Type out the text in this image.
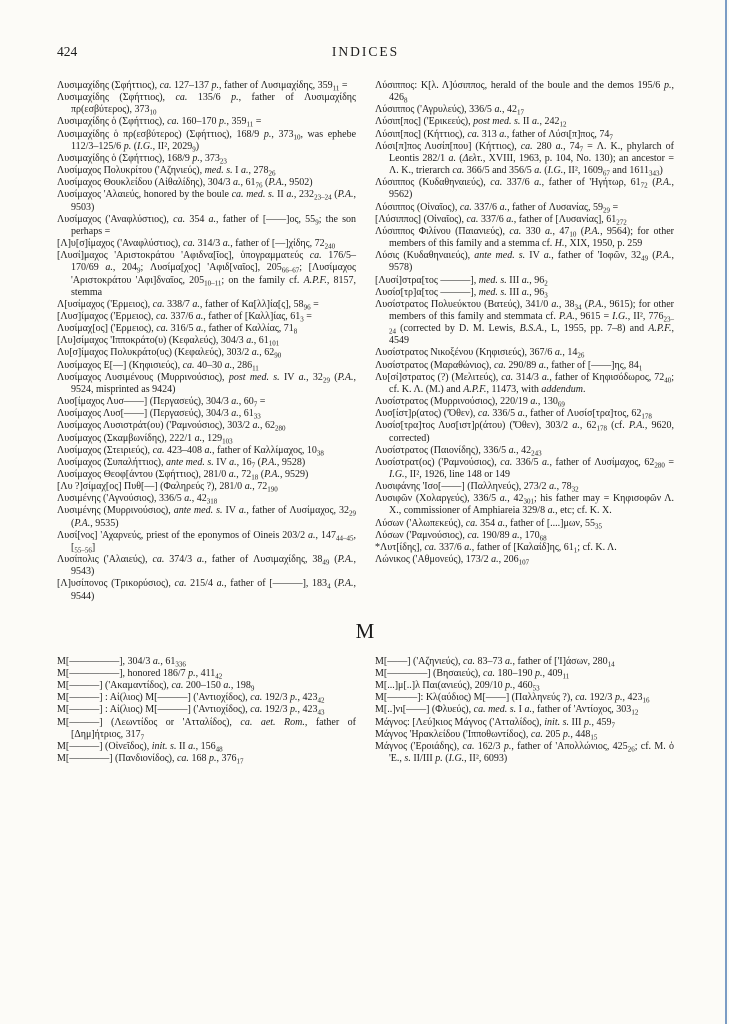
424	INDICES

Λυσιμαχίδης (Σφήττιος), ca. 127–137 p., father of Λυσιμαχίδης, $359_{11}$ =

Λυσιμαχίδης (Σφήττιος), ca. 135/6 p., father of Λυσιμαχίδης πρ(εσβύτερος), $373_{10}$

Λυσιμαχίδης ὁ (Σφήττιος), ca. 160–170 p., $359_{11}$ =

Λυσιμαχίδης ὁ πρ(εσβύτερος) (Σφήττιος), 168/9 p., $373_{10}$, was ephebe 112/3–125/6 p. (I.G., II², $2029_9$)

Λυσιμαχίδης ὁ (Σφήττιος), 168/9 p., $373_{23}$

Λυσίμαχος Πολυκρίτου ('Αζηνιεύς), med. s. I a., $278_{26}$

Λυσίμαχος Θουκλείδου (Αἰθαλίδης), 304/3 a., $61_{76}$ (P.A., 9502)

Λυσίμαχος 'Αλαιεύς, honored by the boule ca. med. s. II a., $232_{23-24}$ (P.A., 9503)

Λυσίμαχος ('Αναφλύστιος), ca. 354 a., father of [——]ος, $55_9$; the son perhaps =

[Λ]υ[σ]ίμαχος ('Αναφλύστιος), ca. 314/3 a., father of [—]χίδης, $72_{240}$

[Λυσί]μαχος 'Αριστοκράτου 'Αφιδνα[ῖος], ὑπογραμματεύς ca. 176/5–170/69 a., $204_9$; Λυσίμα[χος] 'Αφιδ[ναῖος], $205_{66-67}$; [Λυσίμαχος 'Αριστοκράτου 'Αφι]δναῖος, $205_{10-11}$; on the family cf. A.P.F., 8157, stemma

Λ[υσίμαχος ('Ερμειος), ca. 338/7 a., father of Κα[λλ]ία[ς], $58_{96}$ =

[Λυσ]ίμαχος ('Ερμειος), ca. 337/6 a., father of [Καλλ]ίας, $61_3$ =

Λυσίμαχ[ος] ('Ερμειος), ca. 316/5 a., father of Καλλίας, $71_8$

[Λυ]σίμαχος 'Ιπποκράτο(υ) (Κεφαλεύς), 304/3 a., $61_{101}$

Λυ[σ]ίμαχος Πολυκράτο(υς) (Κεφαλεύς), 303/2 a., $62_{90}$

Λυσίμαχος Ε[—] (Κηφισιεύς), ca. 40–30 a., $286_{11}$

Λυσίμαχος Λυσιμένους (Μυρρινούσιος), post med. s. IV a., $32_{29}$ (P.A., 9524, misprinted as 9424)

Λυσ[ίμαχος Λυσ——] (Περγασεύς), 304/3 a., $60_7$ =

Λυσίμαχος Λυσ[——] (Περγασεύς), 304/3 a., $61_{33}$

Λυσίμαχος Λυσιστράτ(ου) ('Ραμνούσιος), 303/2 a., $62_{280}$

Λυσίμαχος (Σκαμβωνίδης), 222/1 a., $129_{103}$

Λυσίμαχος (Στειριεύς), ca. 423–408 a., father of Καλλίμαχος, $10_{38}$

Λυσίμαχος (Συπαλήττιος), ante med. s. IV a., $16_7$ (P.A., 9528)

Λυσίμαχος Θεοφ[άντου (Σφήττιος), 281/0 a., $72_{18}$ (P.A., 9529)

[Λυ ?]σίμαχ[ος] Πυθ[—] (Φαληρεύς ?), 281/0 a., $72_{190}$

Λυσιμένης ('Αγνούσιος), 336/5 a., $42_{318}$

Λυσιμένης (Μυρρινούσιος), ante med. s. IV a., father of Λυσίμαχος, $32_{29}$ (P.A., 9535)

Λυσί[νος] 'Αχαρνεύς, priest of the eponymos of Oineis 203/2 a., $147_{44-45}$, $[_{55-56}]$

Λυσίπολις ('Αλαιεύς), ca. 374/3 a., father of Λυσιμαχίδης, $38_{49}$ (P.A., 9543)

[Λ]υσίπονος (Τρικορύσιος), ca. 215/4 a., father of [———], $183_4$ (P.A., 9544)

Λύσιππος: Κ[λ. Λ]ύσιππος, herald of the boule and the demos 195/6 p., $426_8$

Λύσιππος ('Αγρυλεύς), 336/5 a., $42_{17}$

Λύσιπ[πος] ('Ερικεεύς), post med. s. II a., $242_{12}$

Λύσιπ[πος] (Κήττιος), ca. 313 a., father of Λύσι[π]πος, $74_7$

Λύσι[π]πος Λυσίπ[που] (Κήττιος), ca. 280 a., $74_7 = \Lambda$. Κ., phylarch of Leontis 282/1 a. (Δελτ., XVIII, 1963, p. 104, No. 130); an ancestor = Λ. Κ., trierarch ca. 366/5 and 356/5 a. (I.G., II², $1609_{67}$ and $1611_{343}$)

Λύσιππος (Κυδαθηναιεύς), ca. 337/6 a., father of 'Ηγήτωρ, $61_{72}$ (P.A., 9562)

Λύσιππος (Οἰναῖος), ca. 337/6 a., father of Λυσανίας, $59_{29}$ =

[Λύσιππος] (Οἰναῖος), ca. 337/6 a., father of [Λυσανίας], $61_{272}$

Λύσιππος Φιλίνου (Παιανιεύς), ca. 330 a., $47_{10}$ (P.A., 9564); for other members of this family and a stemma cf. H., XIX, 1950, p. 259

Λύσις (Κυδαθηναιεύς), ante med. s. IV a., father of 'Ιοφῶν, $32_{49}$ (P.A., 9578)

[Λυσί]στρα[τος ———], med. s. III a., $96_2$

Λυσίσ[τρ]α[τος ———], med. s. III a., $96_3$

Λυσίστρατος Πολυεύκτου (Βατεύς), 341/0 a., $38_{34}$ (P.A., 9615); for other members of this family and stemmata cf. P.A., 9615 = I.G., II², $776_{23-24}$ (corrected by D. M. Lewis, B.S.A., L, 1955, pp. 7–8) and A.P.F., 4549

Λυσίστρατος Νικοξένου (Κηφισιεύς), 367/6 a., $14_{26}$

Λυσίστρατος (Μαραθώνιος), ca. 290/89 a., father of [——]ης, $84_1$

Λυ[σί]στρατος (?) (Μελιτεύς), ca. 314/3 a., father of Κηφισόδωρος, $72_{40}$; cf. Κ. Λ. (Μ.) and A.P.F., 11473, with addendum.

Λυσίστρατος (Μυρρινούσιος), 220/19 a., $130_{69}$

Λυσ[ίστ]ρ(ατος) ('Όθεν), ca. 336/5 a., father of Λυσίσ[τρα]τος, $62_{178}$

Λυσίσ[τρα]τος Λυσ[ιστ]ρ(άτου) ('Όθεν), 303/2 a., $62_{178}$ (cf. P.A., 9620, corrected)

Λυσίστρατος (Παιονίδης), 336/5 a., $42_{243}$

Λυσίστρατ(ος) ('Ραμνούσιος), ca. 336/5 a., father of Λυσίμαχος, $62_{280} = I.G$., II², 1926, line 148 or 149

Λυσιφάνης 'Ισο[——] (Παλληνεύς), 273/2 a., $78_{32}$

Λυσιφῶν (Χολαργεύς), 336/5 a., $42_{301}$; his father may = Κηφισοφῶν Λ. Χ., commissioner of Amphiareia 329/8 a., etc; cf. Κ. Χ.

Λύσων ('Αλωπεκεύς), ca. 354 a., father of [....]μων, $55_{35}$

Λύσων ('Ραμνούσιος), ca. 190/89 a., $170_{68}$

*Λυτ[ίδης], ca. 337/6 a., father of [Καλαίδ]ης, $61_1$; cf. Κ. Λ.

Λώνικος ('Αθμονεύς), 173/2 a., $206_{107}$

M

Μ[—————], 304/3 a., $61_{336}$

Μ[—————], honored 186/7 p., $411_{42}$

Μ[———] ('Ακαμαντίδος), ca. 200–150 a., $198_9$

Μ[———] : Αἰ(λιος) Μ[———] ('Αντιοχίδος), ca. 192/3 p., $423_{42}$

Μ[———] : Αἰ(λιος) Μ[———] ('Αντιοχίδος), ca. 192/3 p., $423_{43}$

Μ[———] (Λεωντίδος or 'Ατταλίδος), ca. aet. Rom., father of [Δημ]ήτριος, $317_7$

Μ[———] (Οἰνεῖδος), init. s. II a., $156_{48}$

Μ[————] (Πανδιονίδος), ca. 168 p., $376_{17}$

Μ[——] ('Αζηνιεύς), ca. 83–73 a., father of ['Ι]άσων, $280_{14}$

Μ[————] (Βησαιεύς), ca. 180–190 p., $409_{11}$

Μ[...]μ[..]λ Παι(ανιεύς), 209/10 p., $460_{53}$

Μ[———]: Κλ(αύδιος) Μ[——] (Παλληνεύς ?), ca. 192/3 p., $423_{16}$

Μ[..]νι[——] (Φλυεύς), ca. med. s. I a., father of 'Αντίοχος, $303_{12}$

Μάγνος: [Λεύ]κιος Μάγνος ('Ατταλίδος), init. s. III p., $459_7$

Μάγνος 'Ηρακλείδου ('Ιπποθωντίδος), ca. 205 p., $448_{15}$

Μάγνος ('Εροιάδης), ca. 162/3 p., father of 'Απολλώνιος, $425_{26}$; cf. Μ. ὁ 'Ε., s. II/III p. (I.G., II², 6093)
